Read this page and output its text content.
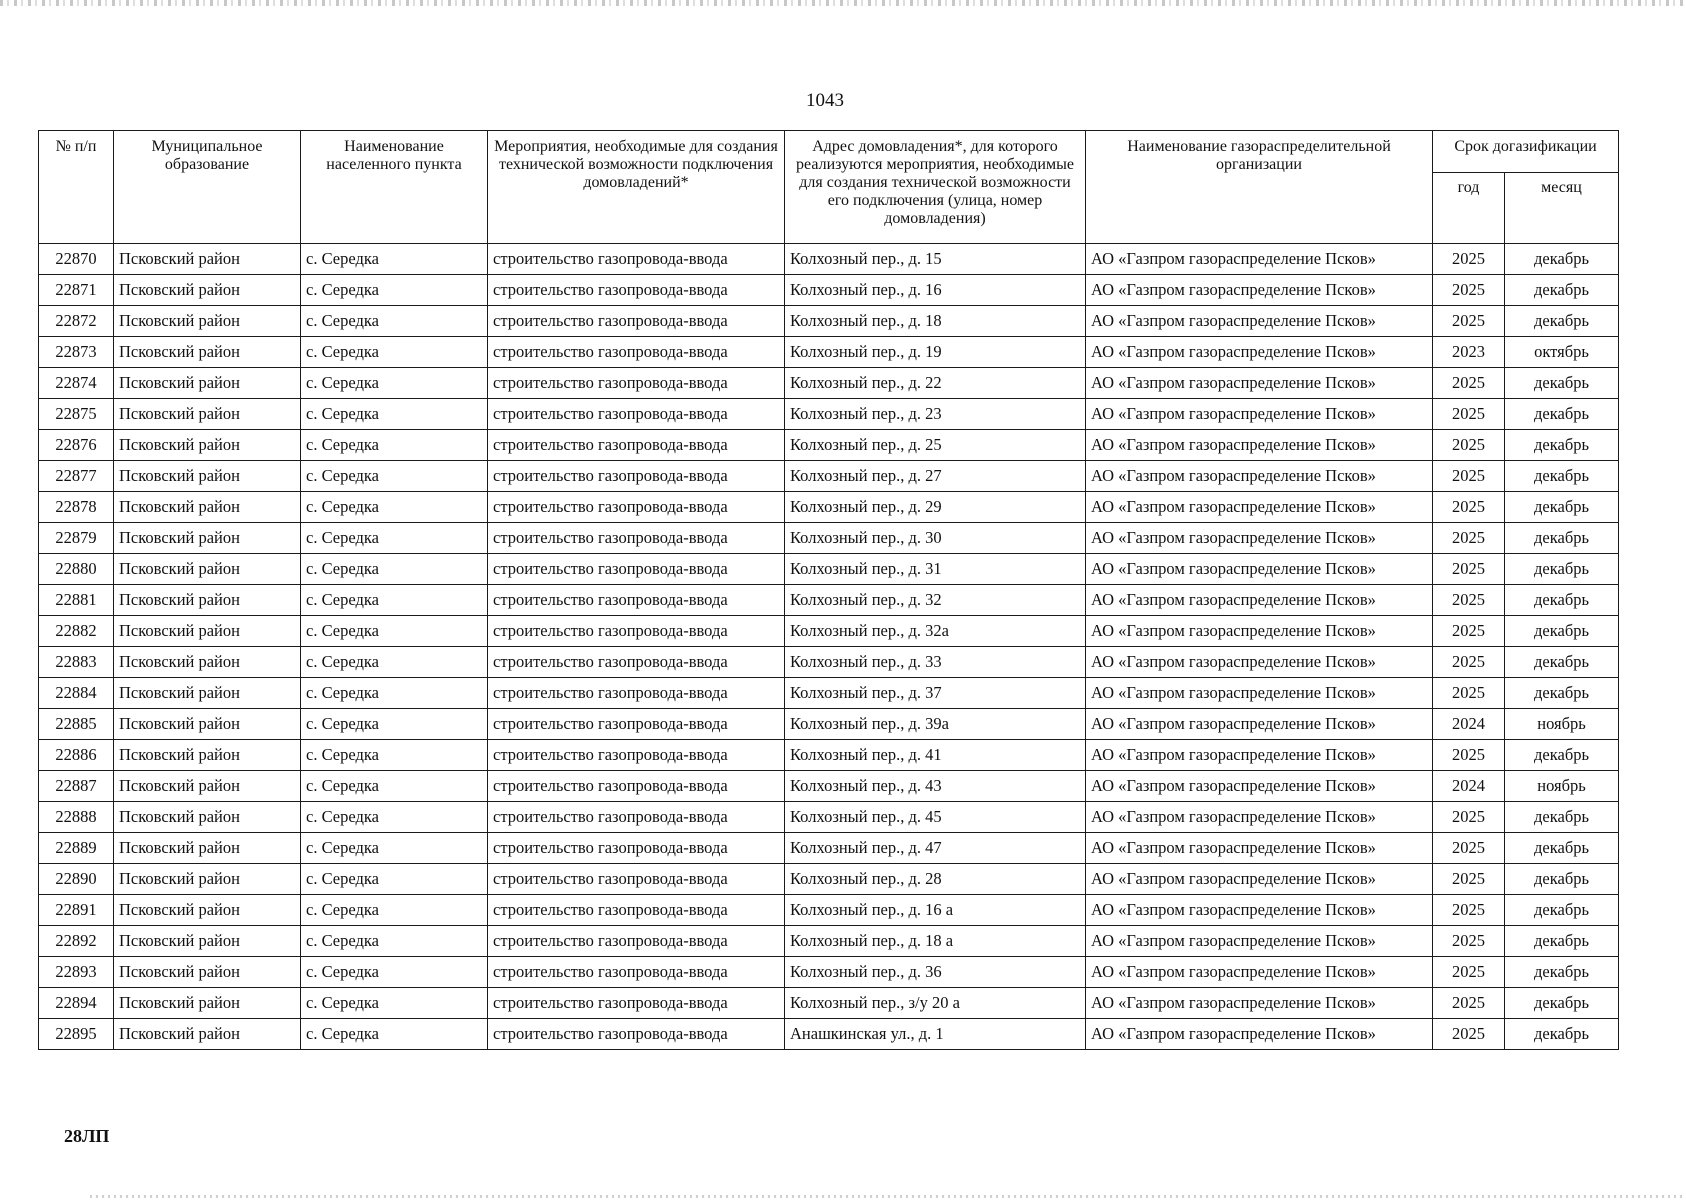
1043
№ п/п	Муниципальное образование	Наименование населенного пункта	Мероприятия, необходимые для создания технической возможности подключения домовладений*	Адрес домовладения*, для которого реализуются мероприятия, необходимые для создания технической возможности его подключения (улица, номер домовладения)	Наименование газораспределительной организации	Срок догазификации	
						год	месяц
22870	Псковский район	с. Середка	строительство газопровода-ввода	Колхозный пер., д. 15	АО «Газпром газораспределение Псков»	2025	декабрь
22871	Псковский район	с. Середка	строительство газопровода-ввода	Колхозный пер., д. 16	АО «Газпром газораспределение Псков»	2025	декабрь
22872	Псковский район	с. Середка	строительство газопровода-ввода	Колхозный пер., д. 18	АО «Газпром газораспределение Псков»	2025	декабрь
22873	Псковский район	с. Середка	строительство газопровода-ввода	Колхозный пер., д. 19	АО «Газпром газораспределение Псков»	2023	октябрь
22874	Псковский район	с. Середка	строительство газопровода-ввода	Колхозный пер., д. 22	АО «Газпром газораспределение Псков»	2025	декабрь
22875	Псковский район	с. Середка	строительство газопровода-ввода	Колхозный пер., д. 23	АО «Газпром газораспределение Псков»	2025	декабрь
22876	Псковский район	с. Середка	строительство газопровода-ввода	Колхозный пер., д. 25	АО «Газпром газораспределение Псков»	2025	декабрь
22877	Псковский район	с. Середка	строительство газопровода-ввода	Колхозный пер., д. 27	АО «Газпром газораспределение Псков»	2025	декабрь
22878	Псковский район	с. Середка	строительство газопровода-ввода	Колхозный пер., д. 29	АО «Газпром газораспределение Псков»	2025	декабрь
22879	Псковский район	с. Середка	строительство газопровода-ввода	Колхозный пер., д. 30	АО «Газпром газораспределение Псков»	2025	декабрь
22880	Псковский район	с. Середка	строительство газопровода-ввода	Колхозный пер., д. 31	АО «Газпром газораспределение Псков»	2025	декабрь
22881	Псковский район	с. Середка	строительство газопровода-ввода	Колхозный пер., д. 32	АО «Газпром газораспределение Псков»	2025	декабрь
22882	Псковский район	с. Середка	строительство газопровода-ввода	Колхозный пер., д. 32а	АО «Газпром газораспределение Псков»	2025	декабрь
22883	Псковский район	с. Середка	строительство газопровода-ввода	Колхозный пер., д. 33	АО «Газпром газораспределение Псков»	2025	декабрь
22884	Псковский район	с. Середка	строительство газопровода-ввода	Колхозный пер., д. 37	АО «Газпром газораспределение Псков»	2025	декабрь
22885	Псковский район	с. Середка	строительство газопровода-ввода	Колхозный пер., д. 39а	АО «Газпром газораспределение Псков»	2024	ноябрь
22886	Псковский район	с. Середка	строительство газопровода-ввода	Колхозный пер., д. 41	АО «Газпром газораспределение Псков»	2025	декабрь
22887	Псковский район	с. Середка	строительство газопровода-ввода	Колхозный пер., д. 43	АО «Газпром газораспределение Псков»	2024	ноябрь
22888	Псковский район	с. Середка	строительство газопровода-ввода	Колхозный пер., д. 45	АО «Газпром газораспределение Псков»	2025	декабрь
22889	Псковский район	с. Середка	строительство газопровода-ввода	Колхозный пер., д. 47	АО «Газпром газораспределение Псков»	2025	декабрь
22890	Псковский район	с. Середка	строительство газопровода-ввода	Колхозный пер., д. 28	АО «Газпром газораспределение Псков»	2025	декабрь
22891	Псковский район	с. Середка	строительство газопровода-ввода	Колхозный пер., д. 16 а	АО «Газпром газораспределение Псков»	2025	декабрь
22892	Псковский район	с. Середка	строительство газопровода-ввода	Колхозный пер., д. 18 а	АО «Газпром газораспределение Псков»	2025	декабрь
22893	Псковский район	с. Середка	строительство газопровода-ввода	Колхозный пер., д. 36	АО «Газпром газораспределение Псков»	2025	декабрь
22894	Псковский район	с. Середка	строительство газопровода-ввода	Колхозный пер., з/у 20 а	АО «Газпром газораспределение Псков»	2025	декабрь
22895	Псковский район	с. Середка	строительство газопровода-ввода	Анашкинская ул., д. 1	АО «Газпром газораспределение Псков»	2025	декабрь
28ЛП
